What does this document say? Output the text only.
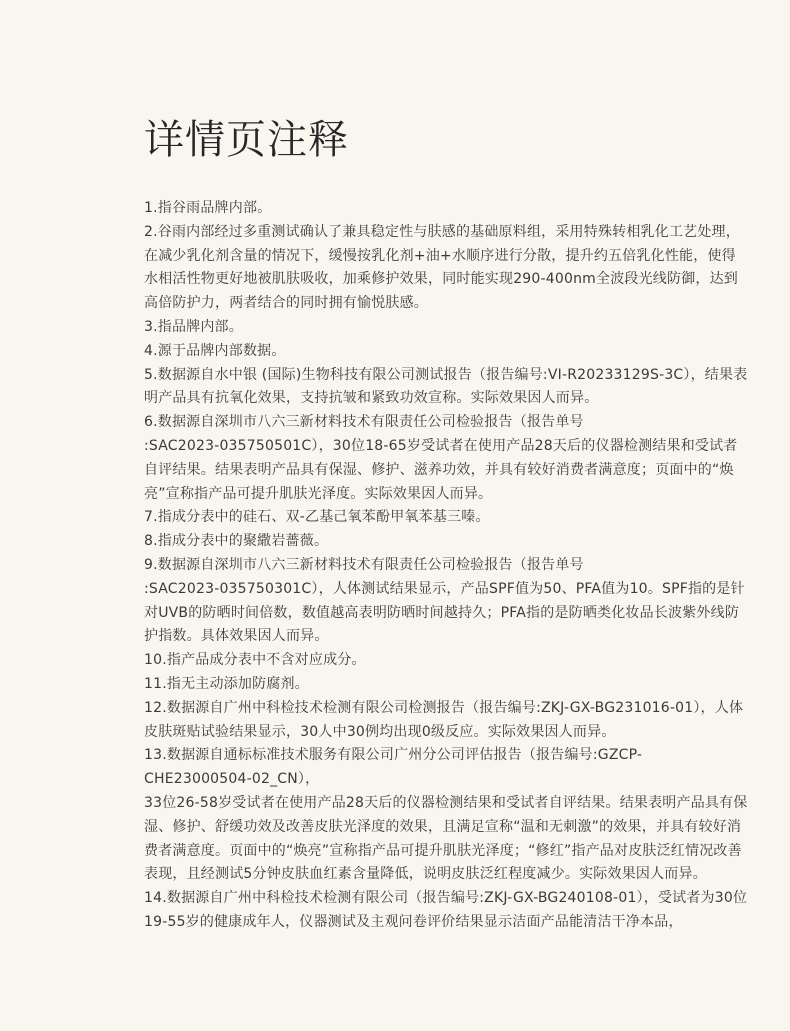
详情页注释
1.指谷雨品牌内部。
2.谷雨内部经过多重测试确认了兼具稳定性与肤感的基础原料组，采用特殊转相乳化工艺处理，在减少乳化剂含量的情况下，缓慢按乳化剂+油+水顺序进行分散，提升约五倍乳化性能，使得水相活性物更好地被肌肤吸收，加乘修护效果，同时能实现290-400nm全波段光线防御，达到高倍防护力，两者结合的同时拥有愉悦肤感。
3.指品牌内部。
4.源于品牌内部数据。
5.数据源自水中银 (国际)生物科技有限公司测试报告（报告编号:VI-R20233129S-3C），结果表明产品具有抗氧化效果，支持抗皱和紧致功效宣称。实际效果因人而异。
6.数据源自深圳市八六三新材料技术有限责任公司检验报告（报告单号
:SAC2023-035750501C），30位18-65岁受试者在使用产品28天后的仪器检测结果和受试者自评结果。结果表明产品具有保湿、修护、滋养功效，并具有较好消费者满意度；页面中的“焕亮”宣称指产品可提升肌肤光泽度。实际效果因人而异。
7.指成分表中的硅石、双-乙基己氧苯酚甲氧苯基三嗪。
8.指成分表中的聚繖岩薔薇。
9.数据源自深圳市八六三新材料技术有限责任公司检验报告（报告单号
:SAC2023-035750301C），人体测试结果显示，产品SPF值为50、PFA值为10。SPF指的是针对UVB的防晒时间倍数，数值越高表明防晒时间越持久；PFA指的是防晒类化妆品长波紫外线防护指数。具体效果因人而异。
10.指产品成分表中不含对应成分。
11.指无主动添加防腐剂。
12.数据源自广州中科检技术检测有限公司检测报告（报告编号:ZKJ-GX-BG231016-01），人体皮肤斑贴试验结果显示，30人中30例均出现0级反应。实际效果因人而异。
13.数据源自通标标准技术服务有限公司广州分公司评估报告（报告编号:GZCP-
CHE23000504-02_CN），
33位26-58岁受试者在使用产品28天后的仪器检测结果和受试者自评结果。结果表明产品具有保湿、修护、舒缓功效及改善皮肤光泽度的效果，且满足宣称“温和无刺激”的效果，并具有较好消费者满意度。页面中的“焕亮”宣称指产品可提升肌肤光泽度；“修红”指产品对皮肤泛红情况改善表现，且经测试5分钟皮肤血红素含量降低，说明皮肤泛红程度减少。实际效果因人而异。
14.数据源自广州中科检技术检测有限公司（报告编号:ZKJ-GX-BG240108-01），受试者为30位19-55岁的健康成年人，仪器测试及主观问卷评价结果显示洁面产品能清洁干净本品，
